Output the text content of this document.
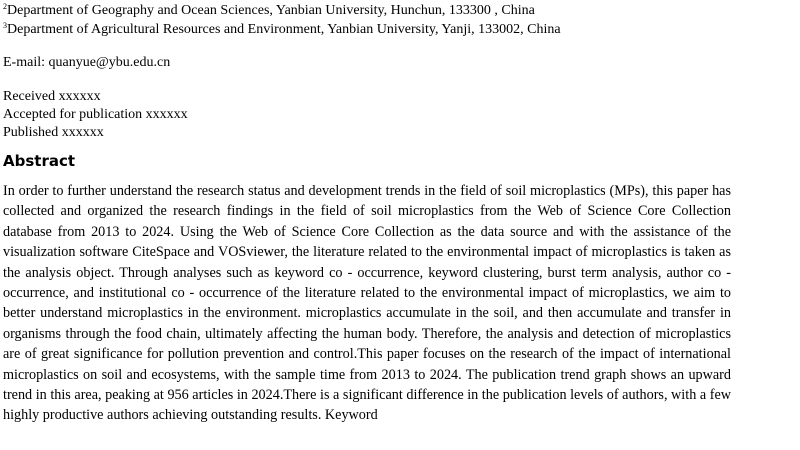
$^2$Department of Geography and Ocean Sciences, Yanbian University, Hunchun, 133300 , China
$^3$Department of Agricultural Resources and Environment, Yanbian University, Yanji, 133002, China
E-mail: quanyue@ybu.edu.cn
Received xxxxxx
Accepted for publication xxxxxx
Published xxxxxx
Abstract
In order to further understand the research status and development trends in the field of soil microplastics (MPs), this paper has collected and organized the research findings in the field of soil microplastics from the Web of Science Core Collection database from 2013 to 2024. Using the Web of Science Core Collection as the data source and with the assistance of the visualization software CiteSpace and VOSviewer, the literature related to the environmental impact of microplastics is taken as the analysis object. Through analyses such as keyword co - occurrence, keyword clustering, burst term analysis, author co - occurrence, and institutional co - occurrence of the literature related to the environmental impact of microplastics, we aim to better understand microplastics in the environment. microplastics accumulate in the soil, and then accumulate and transfer in organisms through the food chain, ultimately affecting the human body. Therefore, the analysis and detection of microplastics are of great significance for pollution prevention and control.This paper focuses on the research of the impact of international microplastics on soil and ecosystems, with the sample time from 2013 to 2024. The publication trend graph shows an upward trend in this area, peaking at 956 articles in 2024.There is a significant difference in the publication levels of authors, with a few highly productive authors achieving outstanding results. Keyword
